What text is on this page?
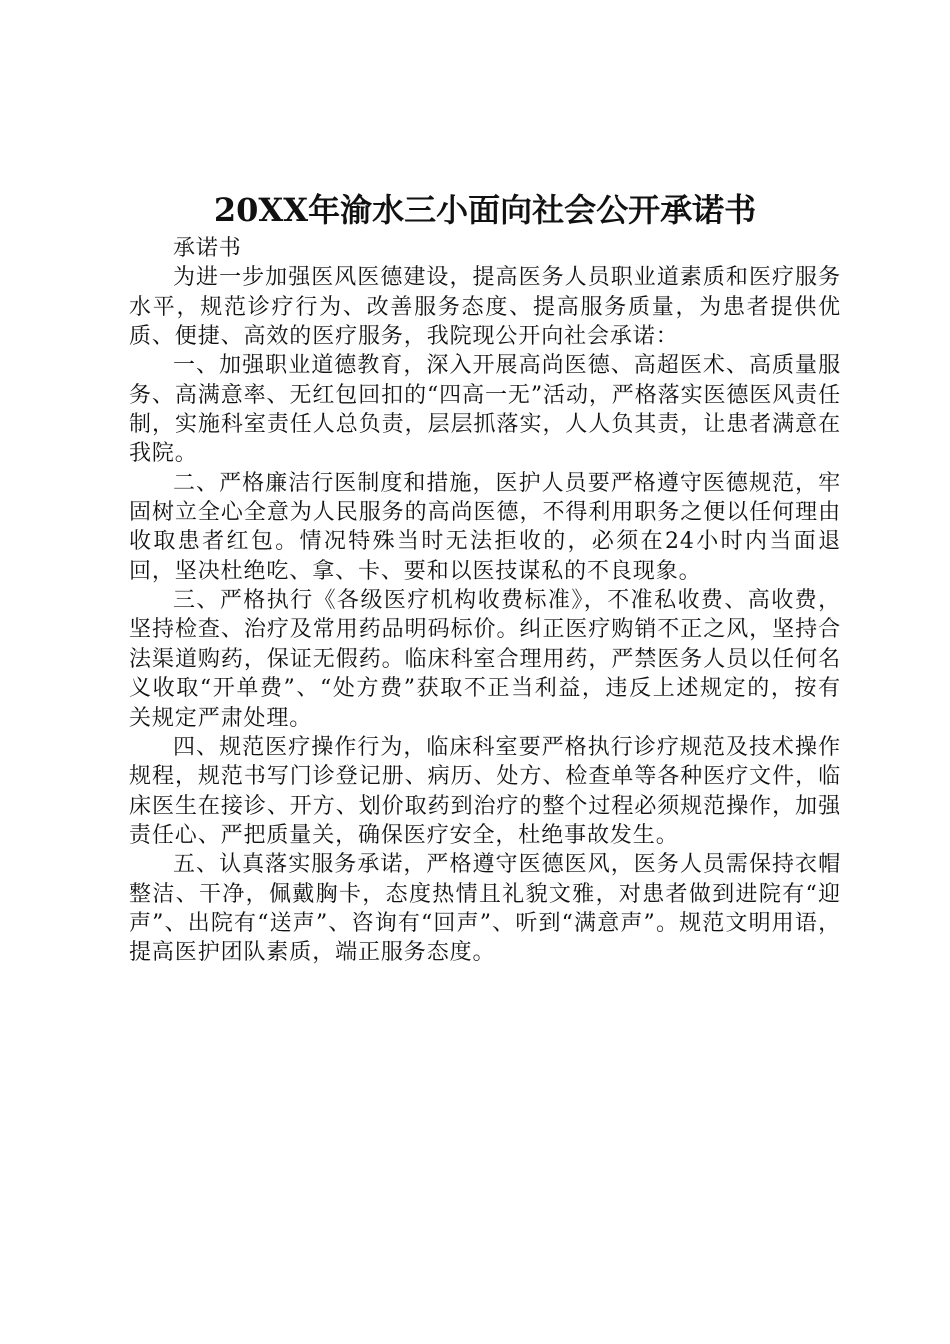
20XX年渝水三小面向社会公开承诺书

承诺书

为进一步加强医风医德建设，提高医务人员职业道素质和医疗服务水平，规范诊疗行为、改善服务态度、提高服务质量，为患者提供优质、便捷、高效的医疗服务，我院现公开向社会承诺：

一、加强职业道德教育，深入开展高尚医德、高超医术、高质量服务、高满意率、无红包回扣的“四高一无”活动，严格落实医德医风责任制，实施科室责任人总负责，层层抓落实，人人负其责，让患者满意在我院。

二、严格廉洁行医制度和措施，医护人员要严格遵守医德规范，牢固树立全心全意为人民服务的高尚医德，不得利用职务之便以任何理由收取患者红包。情况特殊当时无法拒收的，必须在24小时内当面退回，坚决杜绝吃、拿、卡、要和以医技谋私的不良现象。

三、严格执行《各级医疗机构收费标准》，不准私收费、高收费，坚持检查、治疗及常用药品明码标价。纠正医疗购销不正之风，坚持合法渠道购药，保证无假药。临床科室合理用药，严禁医务人员以任何名义收取“开单费”、“处方费”获取不正当利益，违反上述规定的，按有关规定严肃处理。

四、规范医疗操作行为，临床科室要严格执行诊疗规范及技术操作规程，规范书写门诊登记册、病历、处方、检查单等各种医疗文件，临床医生在接诊、开方、划价取药到治疗的整个过程必须规范操作，加强责任心、严把质量关，确保医疗安全，杜绝事故发生。

五、认真落实服务承诺，严格遵守医德医风，医务人员需保持衣帽整洁、干净，佩戴胸卡，态度热情且礼貌文雅，对患者做到进院有“迎声”、出院有“送声”、咨询有“回声”、听到“满意声”。规范文明用语，提高医护团队素质，端正服务态度。
